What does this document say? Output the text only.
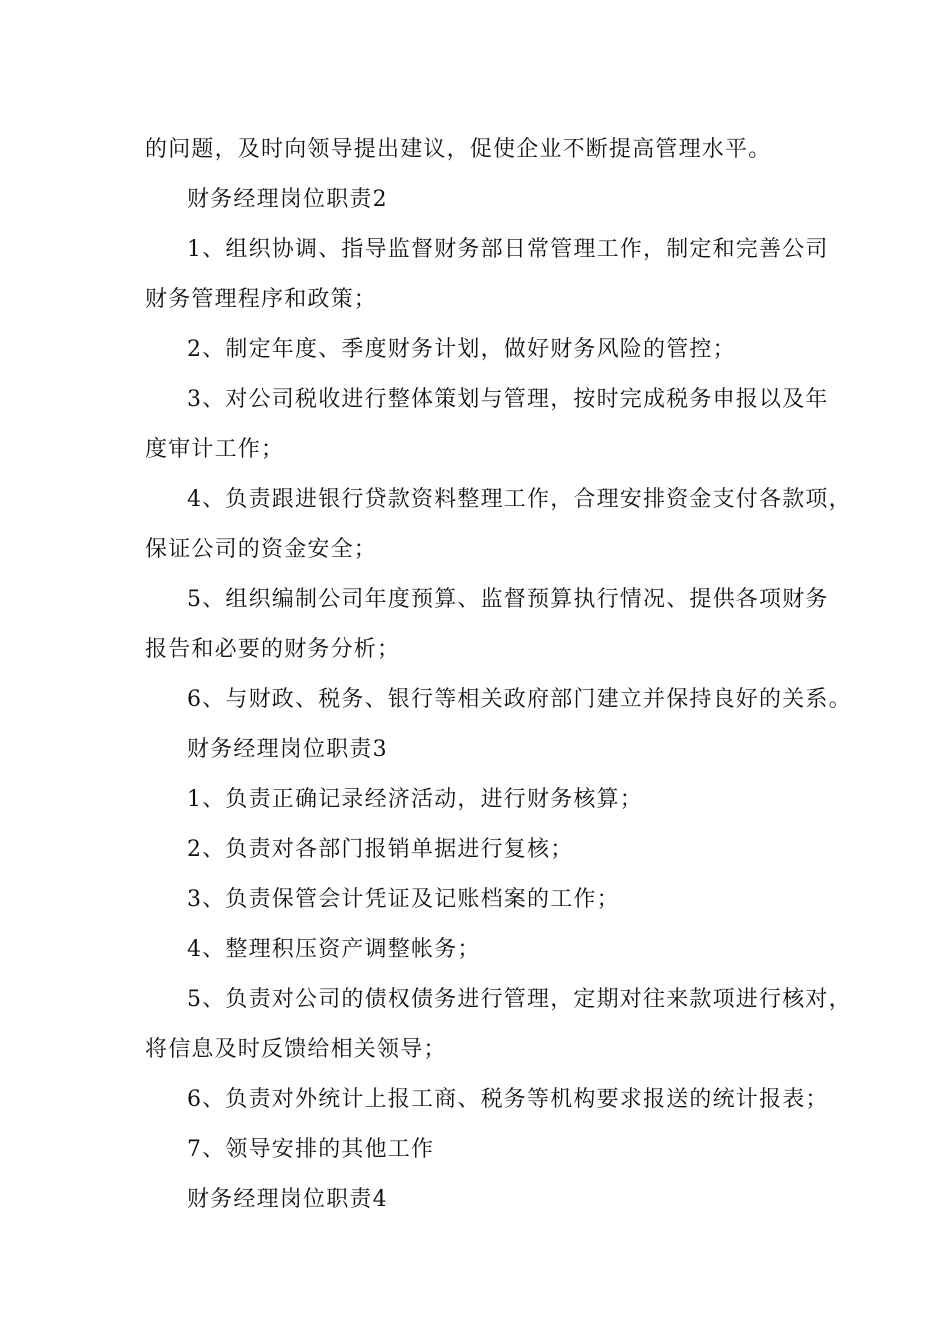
的问题，及时向领导提出建议，促使企业不断提高管理水平。
财务经理岗位职责2
1、组织协调、指导监督财务部日常管理工作，制定和完善公司
财务管理程序和政策；
2、制定年度、季度财务计划，做好财务风险的管控；
3、对公司税收进行整体策划与管理，按时完成税务申报以及年
度审计工作；
4、负责跟进银行贷款资料整理工作，合理安排资金支付各款项，
保证公司的资金安全；
5、组织编制公司年度预算、监督预算执行情况、提供各项财务
报告和必要的财务分析；
6、与财政、税务、银行等相关政府部门建立并保持良好的关系。
财务经理岗位职责3
1、负责正确记录经济活动，进行财务核算；
2、负责对各部门报销单据进行复核；
3、负责保管会计凭证及记账档案的工作；
4、整理积压资产调整帐务；
5、负责对公司的债权债务进行管理，定期对往来款项进行核对，
将信息及时反馈给相关领导；
6、负责对外统计上报工商、税务等机构要求报送的统计报表；
7、领导安排的其他工作
财务经理岗位职责4
